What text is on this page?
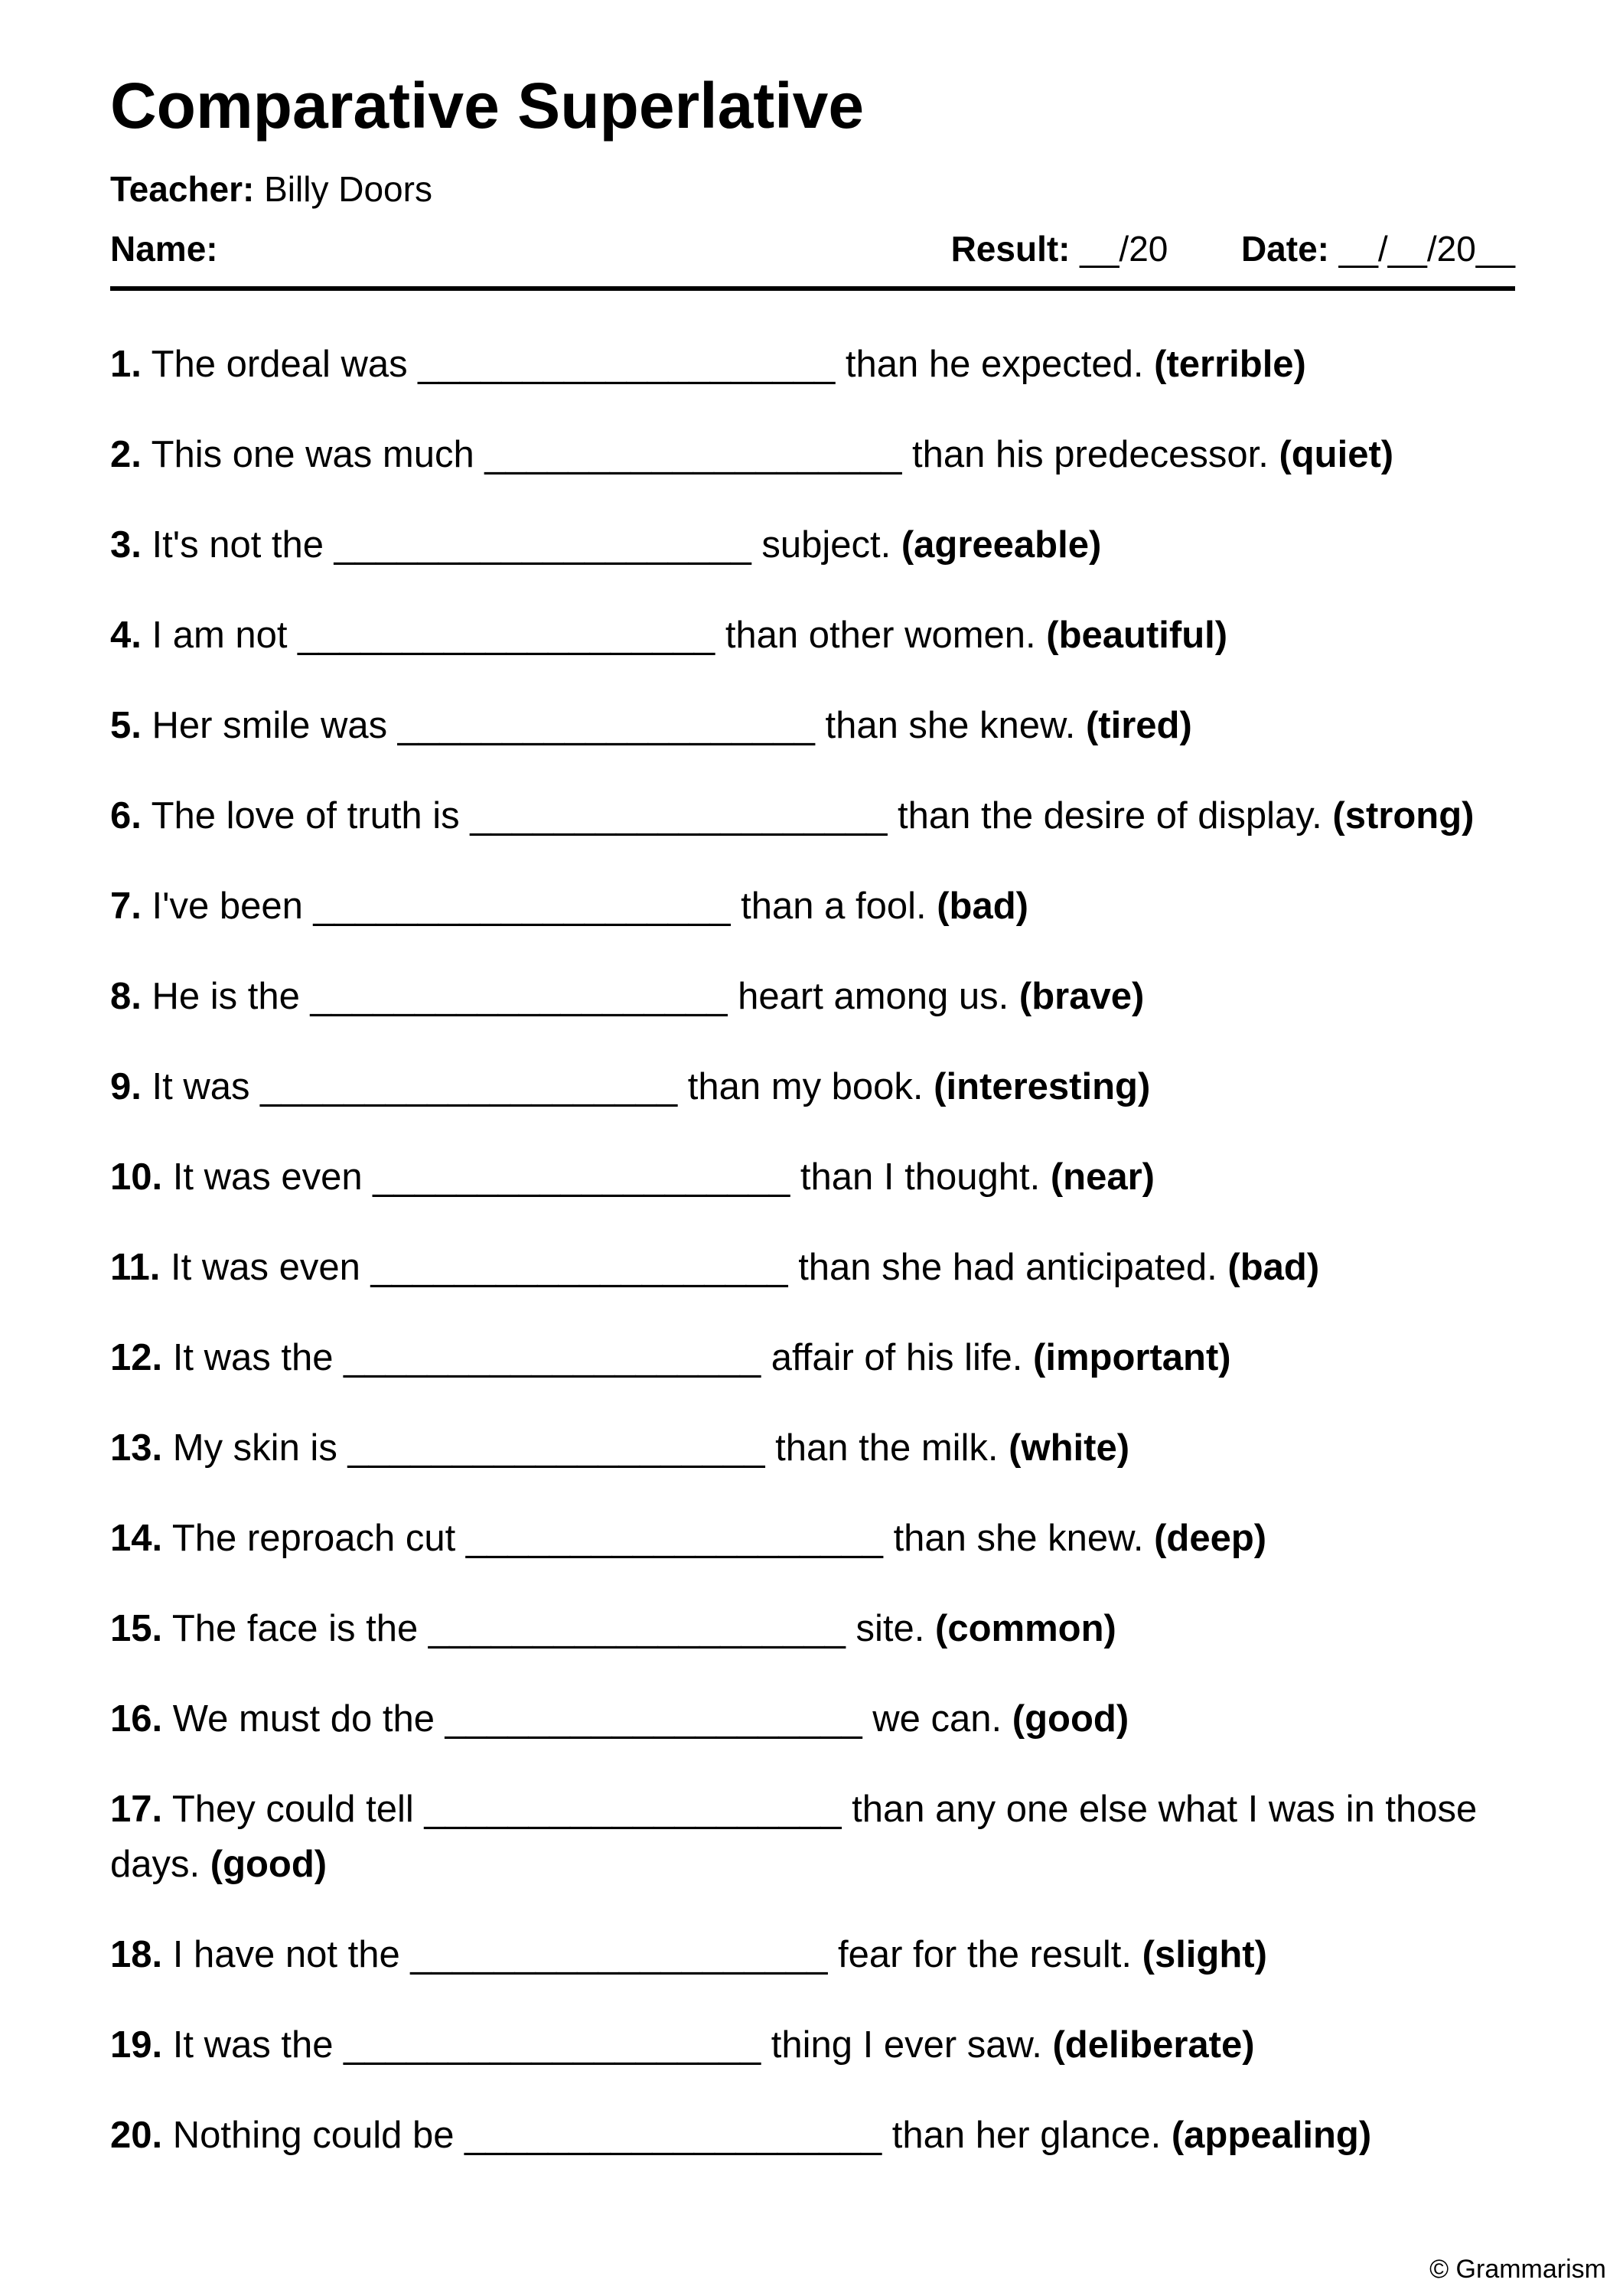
Comparative Superlative
Teacher: Billy Doors
Name:	Result: __/20 Date: __/__/20__

1. The ordeal was ____________________ than he expected. (terrible)

2. This one was much ____________________ than his predecessor. (quiet)

3. It's not the ____________________ subject. (agreeable)

4. I am not ____________________ than other women. (beautiful)

5. Her smile was ____________________ than she knew. (tired)

6. The love of truth is ____________________ than the desire of display. (strong)

7. I've been ____________________ than a fool. (bad)

8. He is the ____________________ heart among us. (brave)

9. It was ____________________ than my book. (interesting)

10. It was even ____________________ than I thought. (near)

11. It was even ____________________ than she had anticipated. (bad)

12. It was the ____________________ affair of his life. (important)

13. My skin is ____________________ than the milk. (white)

14. The reproach cut ____________________ than she knew. (deep)

15. The face is the ____________________ site. (common)

16. We must do the ____________________ we can. (good)

17. They could tell ____________________ than any one else what I was in those days. (good)

18. I have not the ____________________ fear for the result. (slight)

19. It was the ____________________ thing I ever saw. (deliberate)

20. Nothing could be ____________________ than her glance. (appealing)

© Grammarism
